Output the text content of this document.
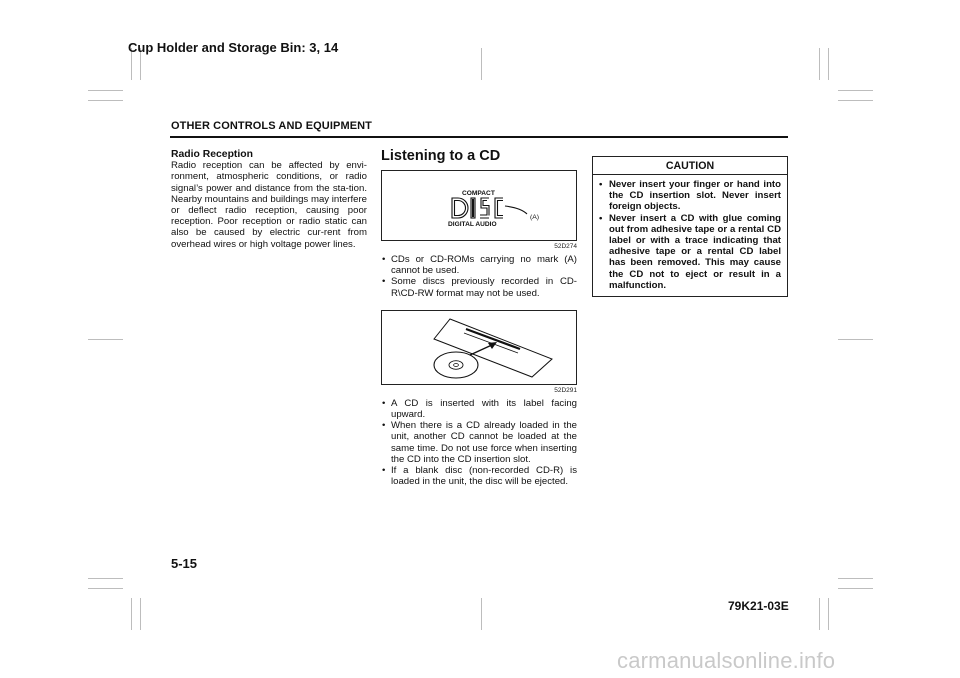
Cup Holder and Storage Bin: 3, 14
OTHER CONTROLS AND EQUIPMENT
Radio Reception
Radio reception can be affected by envi-ronment, atmospheric conditions, or radio signal’s power and distance from the sta-tion. Nearby mountains and buildings may interfere or deflect radio reception, causing poor reception. Poor reception or radio static can also be caused by electric cur-rent from overhead wires or high voltage power lines.
Listening to a CD
COMPACT
DIGITAL AUDIO
(A)
52D274
• CDs or CD-ROMs carrying no mark (A) cannot be used.
• Some discs previously recorded in CD-R\CD-RW format may not be used.
52D291
• A CD is inserted with its label facing upward.
• When there is a CD already loaded in the unit, another CD cannot be loaded at the same time. Do not use force when inserting the CD into the CD insertion slot.
• If a blank disc (non-recorded CD-R) is loaded in the unit, the disc will be ejected.
CAUTION
• Never insert your finger or hand into the CD insertion slot. Never insert foreign objects.
• Never insert a CD with glue coming out from adhesive tape or a rental CD label or with a trace indicating that adhesive tape or a rental CD label has been removed. This may cause the CD not to eject or result in a malfunction.
5-15
79K21-03E
carmanualsonline.info
